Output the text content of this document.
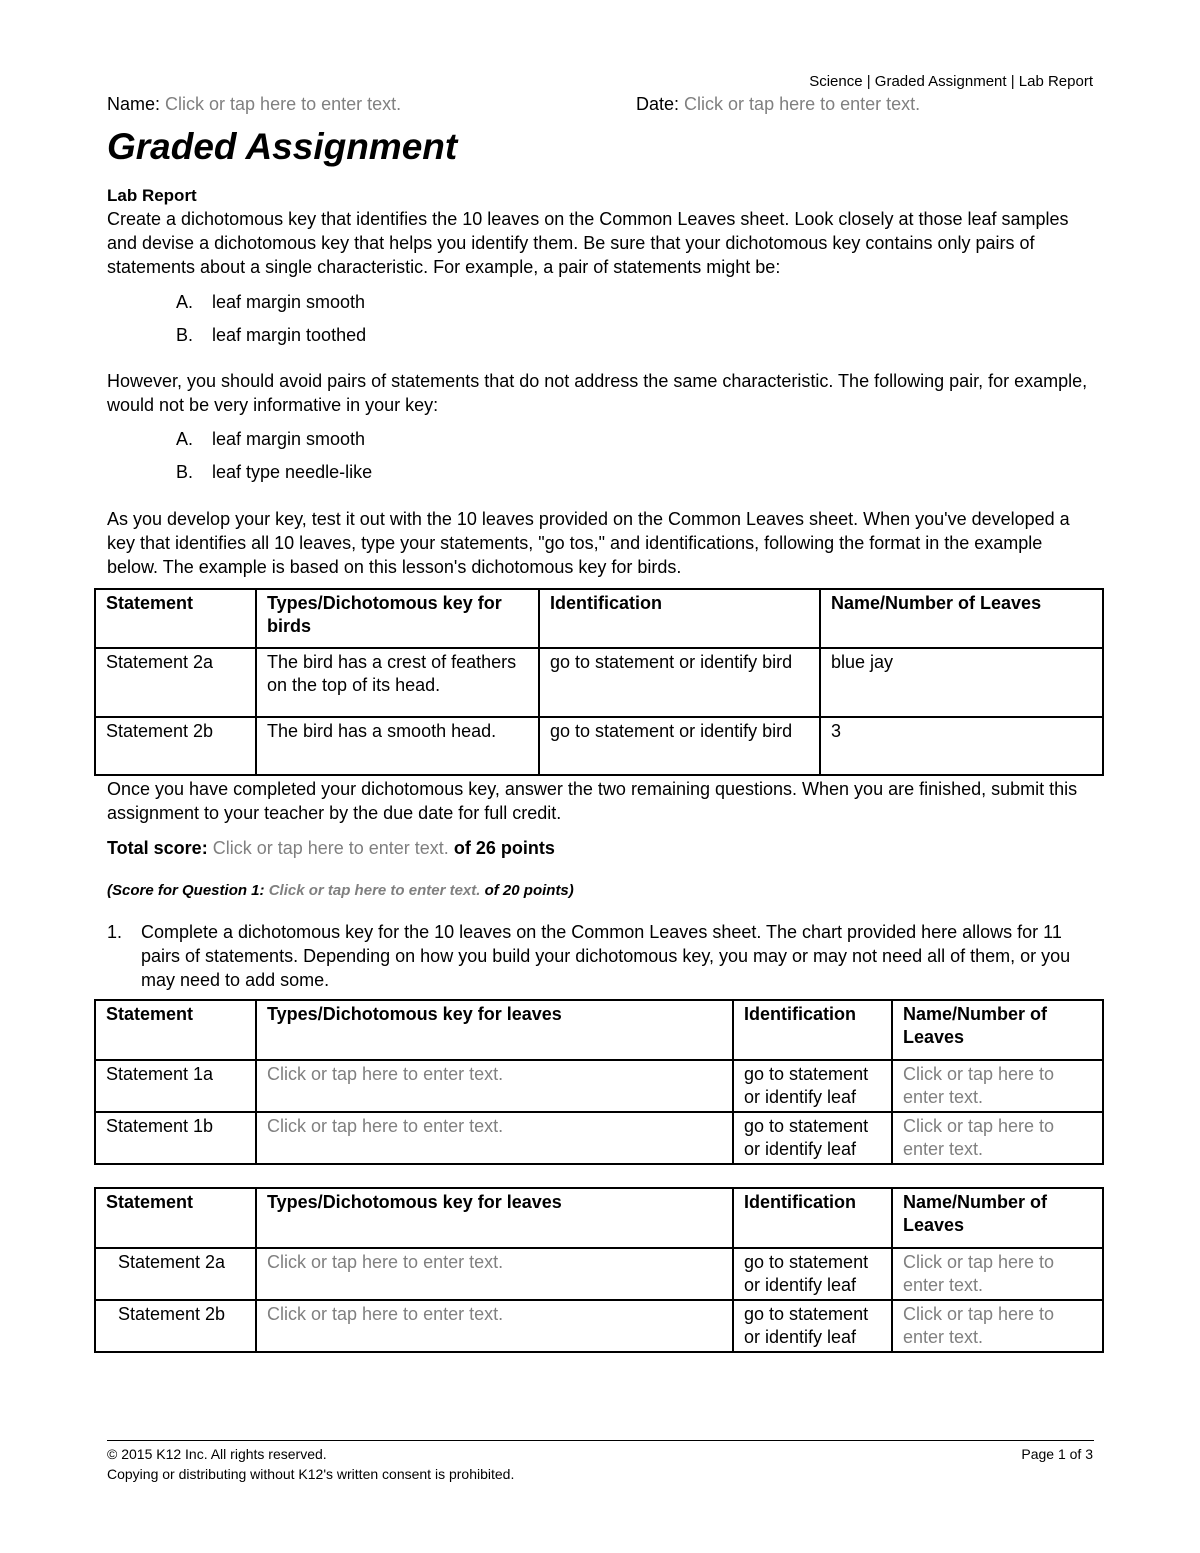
Science | Graded Assignment | Lab Report
Name: Click or tap here to enter text.	Date: Click or tap here to enter text.
Graded Assignment
Lab Report
Create a dichotomous key that identifies the 10 leaves on the Common Leaves sheet. Look closely at those leaf samples and devise a dichotomous key that helps you identify them. Be sure that your dichotomous key contains only pairs of statements about a single characteristic. For example, a pair of statements might be:
A. leaf margin smooth
B. leaf margin toothed
However, you should avoid pairs of statements that do not address the same characteristic. The following pair, for example, would not be very informative in your key:
A. leaf margin smooth
B. leaf type needle-like
As you develop your key, test it out with the 10 leaves provided on the Common Leaves sheet. When you've developed a key that identifies all 10 leaves, type your statements, "go tos," and identifications, following the format in the example below. The example is based on this lesson's dichotomous key for birds.
Statement	Types/Dichotomous key for birds	Identification	Name/Number of Leaves
Statement 2a	The bird has a crest of feathers on the top of its head.	go to statement or identify bird	blue jay
Statement 2b	The bird has a smooth head.	go to statement or identify bird	3
Once you have completed your dichotomous key, answer the two remaining questions. When you are finished, submit this assignment to your teacher by the due date for full credit.
Total score: Click or tap here to enter text. of 26 points
(Score for Question 1: Click or tap here to enter text. of 20 points)
1. Complete a dichotomous key for the 10 leaves on the Common Leaves sheet. The chart provided here allows for 11 pairs of statements. Depending on how you build your dichotomous key, you may or may not need all of them, or you may need to add some.
Statement	Types/Dichotomous key for leaves	Identification	Name/Number of Leaves
Statement 1a	Click or tap here to enter text.	go to statement or identify leaf	Click or tap here to enter text.
Statement 1b	Click or tap here to enter text.	go to statement or identify leaf	Click or tap here to enter text.
Statement	Types/Dichotomous key for leaves	Identification	Name/Number of Leaves
Statement 2a	Click or tap here to enter text.	go to statement or identify leaf	Click or tap here to enter text.
Statement 2b	Click or tap here to enter text.	go to statement or identify leaf	Click or tap here to enter text.
© 2015 K12 Inc. All rights reserved.
Copying or distributing without K12's written consent is prohibited.
Page 1 of 3
